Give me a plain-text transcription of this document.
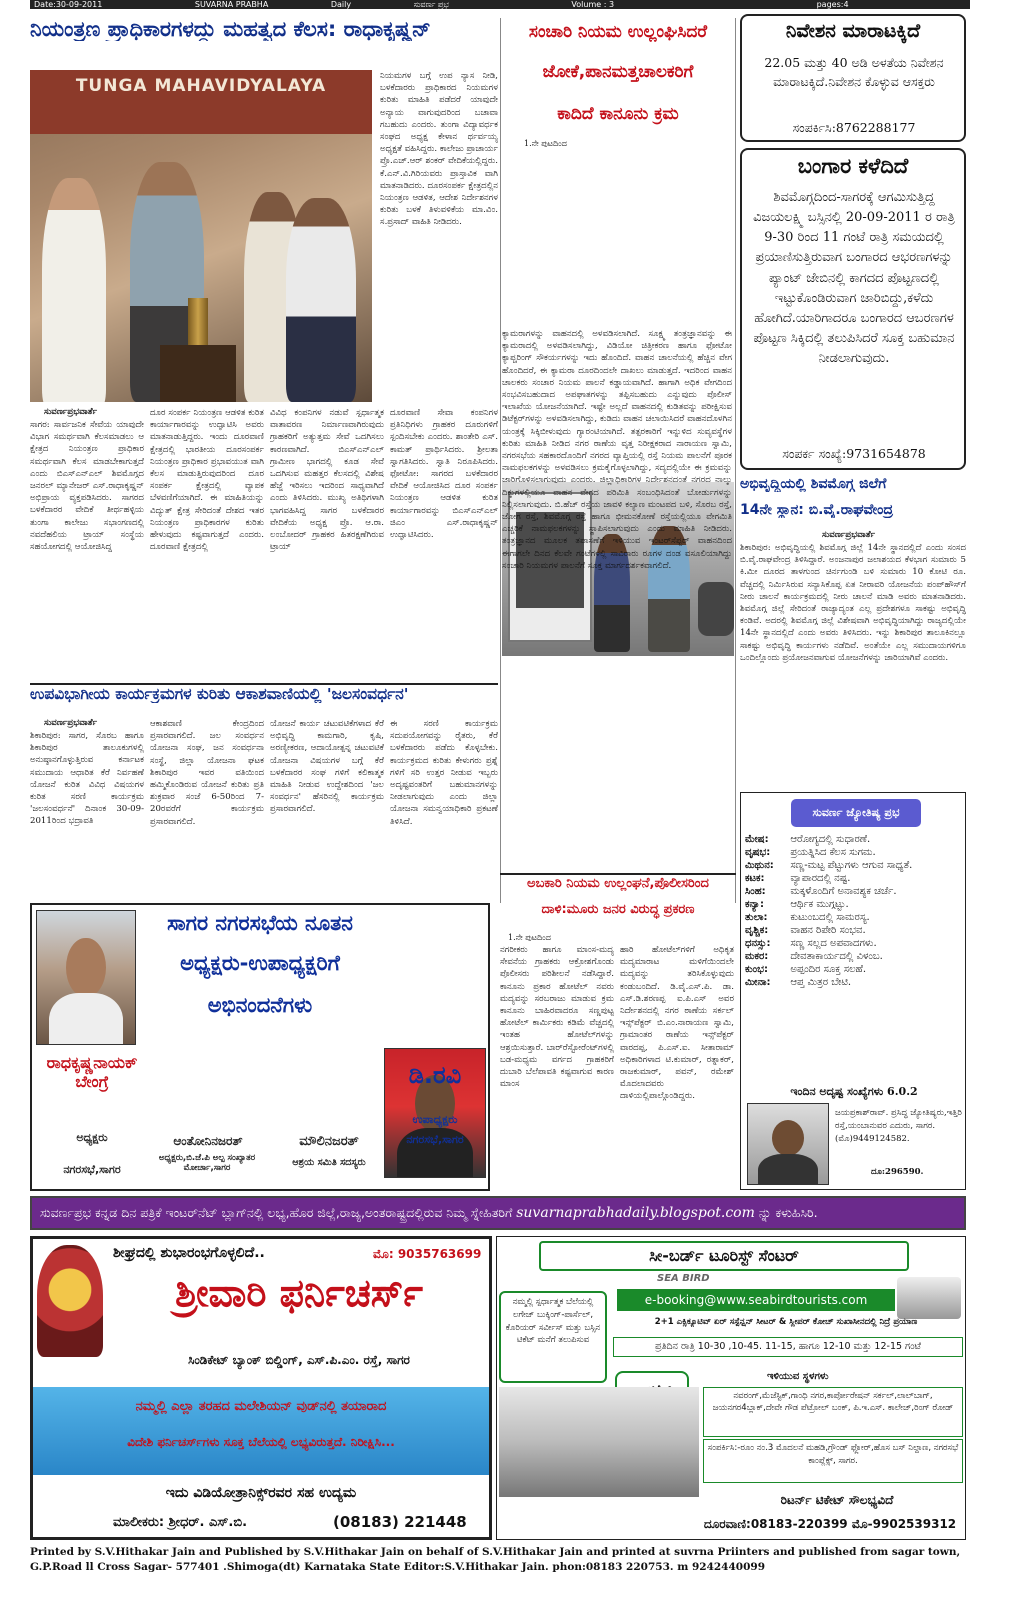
Date:30-09-2011	SUVARNA PRABHA	Daily	ಸುವರ್ಣ ಪ್ರಭ	Volume : 3	pages:4
ನಿಯಂತ್ರಣ ಪ್ರಾಧಿಕಾರಗಳದ್ದು ಮಹತ್ವದ ಕೆಲಸ: ರಾಧಾಕೃಷ್ಣನ್
TUNGA MAHAVIDYALAYA	ನಿಯಮಗಳ ಬಗ್ಗೆ ಉಪ ನ್ಯಾಸ ನೀಡಿ, ಬಳಕೆದಾರರು ಪ್ರಾಧಿಕಾರದ ನಿಯಮಗಳ ಕುರಿತು ಮಾಹಿತಿ ಪಡೆದರೆ ಯಾವುದೇ ಅನ್ಯಾಯ ವಾಗುವುದರಿಂದ ಬಚಾವಾ ಗಬಹುದು ಎಂದರು. ತುಂಗಾ ವಿದ್ಯಾವರ್ಧಕ ಸಂಘದ ಅಧ್ಯಕ್ಷ ಕೇಳಾನ ರ್ಥರ್ವಯ್ಯ ಅಧ್ಯಕ್ಷತೆ ವಹಿಸಿದ್ದರು. ಕಾಲೇಜು ಪ್ರಾಚಾರ್ಯ ಪ್ರೊ.ಎಚ್.ಆರ್ ಶಂಕರ್ ವೇದಿಕೆಯಲ್ಲಿದ್ದರು. ಕೆ.ಎನ್.ವಿ.ಗಿರಿಯವರು ಪ್ರಾಸ್ತಾವಿಕ ವಾಗಿ ಮಾತನಾಡಿದರು. ದೂರಸಂಪರ್ಕ ಕ್ಷೇತ್ರದಲ್ಲಿನ ನಿಯಂತ್ರಣ ಆಡಳಿತ, ಆದೇಶ ನಿರ್ದೇಶನಗಳ ಕುರಿತು ಬಳಕೆ ತಿಳುವಳಿಕೆಯ ಮಾ.ವಿಂ. ಸ.ಪ್ರಸಾದ್ ವಾಹಿತಿ ನೀಡಿದರು.
ಸುವರ್ಣಪ್ರಭವಾರ್ತೆ
ಸಾಗರ: ಸಾರ್ವಜನಿಕ ಸೇವೆಯ ಯಾವುದೇ ವಿಭಾಗ ಸಮರ್ಥವಾಗಿ ಕೆಲಸಮಾಡಲು ಆ ಕ್ಷೇತ್ರದ ನಿಯಂತ್ರಣ ಪ್ರಾಧಿಕಾರ ಸಮರ್ಥವಾಗಿ ಕೆಲಸ ಮಾಡಬೇಕಾಗುತ್ತದೆ ಎಂದು ಬಿಎಸ್‌ಎನ್‌ಎಲ್ ಶಿವಮೊಗ್ಗದ ಜನರಲ್ ಮ್ಯಾನೇಜರ್ ಎಸ್.ರಾಧಾಕೃಷ್ಣನ್ ಅಭಿಪ್ರಾಯ ವ್ಯಕ್ತಪಡಿಸಿದರು. ಸಾಗರದ ಬಳಕೆದಾರರ ವೇದಿಕೆ ತೀರ್ಥಹಳ್ಳಿಯ ತುಂಗಾ ಕಾಲೇಜು ಸಭಾಂಗಣದಲ್ಲಿ ನವದೆಹಲಿಯ ಟ್ರಾಯ್ ಸಂಸ್ಥೆಯ ಸಹಯೋಗದಲ್ಲಿ ಆಯೋಜಿಸಿದ್ದ
ದೂರ ಸಂಪರ್ಕ ನಿಯಂತ್ರಣ ಆಡಳಿತ ಕುರಿತ ಕಾರ್ಯಾಗಾರವನ್ನು ಉದ್ಘಾಟಿಸಿ ಅವರು ಮಾತನಾಡುತ್ತಿದ್ದರು. ಇಂದು ದೂರವಾಣಿ ಕ್ಷೇತ್ರದಲ್ಲಿ ಭಾರತೀಯ ದೂರಸಂಪರ್ಕ ನಿಯಂತ್ರಣ ಪ್ರಾಧಿಕಾರ ಪ್ರಭಾವಯುತ ವಾಗಿ ಕೆಲಸ ಮಾಡುತ್ತಿರುವುದರಿಂದ ದೂರ ಸಂಪರ್ಕ ಕ್ಷೇತ್ರದಲ್ಲಿ ವ್ಯಾಪಕ ಬೆಳವಣಿಗೆಯಾಗಿದೆ. ಈ ಮಾಹಿತಿಯನ್ನು ವಿದ್ಯುತ್ ಕ್ಷೇತ್ರ ಸೇರಿದಂತೆ ದೇಶದ ಇತರ ನಿಯಂತ್ರಣ ಪ್ರಾಧಿಕಾರಗಳ ಕುರಿತು ಹೇಳುವುದು ಕಷ್ಟವಾಗುತ್ತದೆ ಎಂದರು. ದೂರವಾಣಿ ಕ್ಷೇತ್ರದಲ್ಲಿ
ವಿವಿಧ ಕಂಪನಿಗಳ ನಡುವೆ ಸ್ಪರ್ಧಾತ್ಮಕ ವಾತಾವರಣ ನಿರ್ಮಾಣವಾಗಿರುವುದು ಗ್ರಾಹಕರಿಗೆ ಅತ್ಯುತ್ತಮ ಸೇವೆ ಒದಗಿಸಲು ಕಾರಣವಾಗಿದೆ. ಬಿಎಸ್‌ಎನ್‌ಎಲ್ ಗ್ರಾಮೀಣ ಭಾಗದಲ್ಲಿ ಕೂಡ ಸೇವೆ ಒದಗಿಸುವ ಮಹತ್ತರ ಕೆಲಸದಲ್ಲಿ ವಿಶೇಷ ಹೆಜ್ಜೆ ಇರಿಸಲು ಇದರಿಂದ ಸಾಧ್ಯವಾಗಿದೆ ಎಂದು ತಿಳಿಸಿದರು. ಮುಖ್ಯ ಅತಿಥಿಗಳಾಗಿ ಭಾಗವಹಿಸಿದ್ದ ಸಾಗರ ಬಳಕೆದಾರರ ವೇದಿಕೆಯ ಅಧ್ಯಕ್ಷ ಪ್ರೊ. ಆ.ರಾ. ಲಂಬೋದರ್ ಗ್ರಾಹಕರ ಹಿತರಕ್ಷಣೆಗಿರುವ ಟ್ರಾಯ್
ದೂರವಾಣಿ ಸೇವಾ ಕಂಪನಿಗಳ ಪ್ರತಿನಿಧಿಗಳು ಗ್ರಾಹಕರ ದೂರುಗಳಿಗೆ ಸ್ಪಂದಿಸಬೇಕು ಎಂದರು. ಶಾಂತೇರಿ ಎಸ್. ಕಾಮತ್ ಪ್ರಾರ್ಥಿಸಿದರು. ಶ್ರೀಲತಾ ಸ್ವಾಗತಿಸಿದರು. ಸ್ವಾತಿ ನಿರೂಪಿಸಿದರು. ಫೋಟೋ: ಸಾಗರದ ಬಳಕೆದಾರರ ವೇದಿಕೆ ಆಯೋಜಿಸಿದ ದೂರ ಸಂಪರ್ಕ ನಿಯಂತ್ರಣ ಆಡಳಿತ ಕುರಿತ ಕಾರ್ಯಾಗಾರವನ್ನು ಬಿಎಸ್‌ಎನ್‌ಎಲ್ ಜಿಎಂ ಎಸ್.ರಾಧಾಕೃಷ್ಣನ್ ಉದ್ಘಾಟಿಸಿದರು.
ಉಪವಿಭಾಗೀಯ ಕಾರ್ಯಕ್ರಮಗಳ ಕುರಿತು ಆಕಾಶವಾಣಿಯಲ್ಲಿ 'ಜಲಸಂವರ್ಧನ'
ಸುವರ್ಣಪ್ರಭವಾರ್ತೆ
ಶಿಕಾರಿಪುರ: ಸಾಗರ, ಸೊರಬ ಹಾಗೂ ಶಿಕಾರಿಪುರ ತಾಲೂಕುಗಳಲ್ಲಿ ಅನುಷ್ಠಾನಗೊಳ್ಳುತ್ತಿರುವ ಕರ್ನಾಟಕ ಸಮುದಾಯ ಆಧಾರಿತ ಕೆರೆ ನಿರ್ವಹಣೆ ಯೋಜನೆ ಕುರಿತ ವಿವಿಧ ವಿಷಯಗಳ ಕುರಿತ ಸರಣಿ ಕಾರ್ಯಕ್ರಮ 'ಜಲಸಂವರ್ಧನೆ' ದಿನಾಂಕ 30-09-2011ರಿಂದ ಭದ್ರಾವತಿ
ಆಕಾಶವಾಣಿ ಕೇಂದ್ರದಿಂದ ಪ್ರಸಾರವಾಗಲಿದೆ. ಜಲ ಸಂವರ್ಧನ ಯೋಜನಾ ಸಂಘ, ಜನ ಸಂವರ್ಧನಾ ಸಂಸ್ಥೆ, ಜಿಲ್ಲಾ ಯೋಜನಾ ಘಟಕ ಶಿಕಾರಿಪುರ ಇವರ ವತಿಯಿಂದ ಹಮ್ಮಿಕೊಂಡಿರುವ ಯೋಜನೆ ಕುರಿತು ಪ್ರತಿ ಶುಕ್ರವಾರ ಸಂಜೆ 6-50ರಿಂದ 7-20ರವರೆಗೆ ಕಾರ್ಯಕ್ರಮ ಪ್ರಸಾರವಾಗಲಿದೆ.
ಯೋಜನೆ ಕಾರ್ಯ ಚಟುವಟಿಕೆಗಳಾದ ಕೆರೆ ಅಭಿವೃದ್ಧಿ ಕಾಮಗಾರಿ, ಕೃಷಿ, ಅರಣ್ಯೀಕರಣ, ಆದಾಯೋತ್ಪನ್ನ ಚಟುವಟಿಕೆ ಯೋಜನಾ ವಿಷಯಗಳ ಬಗ್ಗೆ ಕೆರೆ ಬಳಕೆದಾರರ ಸಂಘ ಗಳಿಗೆ ಕಲಿಕಾತ್ಮಕ ಮಾಹಿತಿ ನೀಡುವ ಉದ್ದೇಶದಿಂದ 'ಜಲ ಸಂವರ್ಧನ' ಹೆಸರಿನಲ್ಲಿ ಕಾರ್ಯಕ್ರಮ ಪ್ರಸಾರವಾಗಲಿದೆ.
ಈ ಸರಣಿ ಕಾರ್ಯಕ್ರಮ ಸದುಪಯೋಗವನ್ನು ರೈತರು, ಕೆರೆ ಬಳಕೆದಾರರು ಪಡೆದು ಕೊಳ್ಳಬೇಕು. ಕಾರ್ಯಕ್ರಮದ ಕುರಿತು ಕೇಳುಗರು ಪ್ರಶ್ನೆ ಗಳಿಗೆ ಸರಿ ಉತ್ತರ ನೀಡುವ ಇಬ್ಬರು ಅದೃಷ್ಟವಂತರಿಗೆ ಬಹುಮಾನಗಳನ್ನು ನೀಡಲಾಗುವುದು ಎಂದು ಜಿಲ್ಲಾ ಯೋಜನಾ ಸಮನ್ವಯಾಧಿಕಾರಿ ಪ್ರಕಟಣೆ ತಿಳಿಸಿದೆ.
ಸಾಗರ ನಗರಸಭೆಯ ನೂತನ
ಅಧ್ಯಕ್ಷರು-ಉಪಾಧ್ಯಕ್ಷರಿಗೆ
ಅಭಿನಂದನೆಗಳು
ರಾಧಕೃಷ್ಣನಾಯಕ್ ಬೇಂಗ್ರೆ
ಅಧ್ಯಕ್ಷರು
ನಗರಸಭೆ,ಸಾಗರ
ಆಂತೋನಿನಜರತ್
ಅಧ್ಯಕ್ಷರು,ಬಿ.ಜೆ.ಪಿ ಅಲ್ಪ ಸಂಖ್ಯಾತರ ಮೋರ್ಚಾ,ಸಾಗರ
ಮೌಲಿನಜರತ್
ಆಶ್ರಯ ಸಮಿತಿ ಸದಸ್ಯರು
ಡಿ.ರವಿ
ಉಪಾಧ್ಯಕ್ಷರು
ನಗರಸಭೆ,ಸಾಗರ
ಸಂಚಾರಿ ನಿಯಮ ಉಲ್ಲಂಘಿಸಿದರೆ
ಜೋಕೆ,ಪಾನಮತ್ತಚಾಲಕರಿಗೆ
ಕಾದಿದೆ ಕಾನೂನು ಕ್ರಮ
1.ನೇ ಪುಟದಿಂದ
ಕ್ಯಾಮರಾಗಳನ್ನು ವಾಹನದಲ್ಲಿ ಅಳವಡಿಸಲಾಗಿದೆ. ಸೂಕ್ಷ್ಮ ತಂತ್ರಜ್ಞಾನವನ್ನು ಈ ಕ್ಯಾಮರಾದಲ್ಲಿ ಅಳವಡಿಸಲಾಗಿದ್ದು, ವಿಡಿಯೋ ಚಿತ್ರೀಕರಣ ಹಾಗೂ ಫೋಟೋ ಕ್ಯಾಪ್ಚರಿಂಗ್ ಸೌಕರ್ಯಗಳನ್ನು ಇದು ಹೊಂದಿದೆ. ವಾಹನ ಚಾಲನೆಯಲ್ಲಿ ಹೆಚ್ಚಿನ ವೇಗ ಹೊಂದಿದರೆ, ಈ ಕ್ಯಾಮರಾ ದೂರದಿಂದಲೇ ದಾಖಲು ಮಾಡುತ್ತದೆ. ಇದರಿಂದ ವಾಹನ ಚಾಲಕರು ಸಂಚಾರ ನಿಯಮ ಪಾಲನೆ ಕಡ್ಡಾಯವಾಗಿದೆ. ಹಾಗಾಗಿ ಅಧಿಕ ವೇಗದಿಂದ ಸಂಭವಿಸಬಹುದಾದ ಅಪಘಾತಗಳನ್ನು ತಪ್ಪಿಸಬಹುದು ಎನ್ನುವುದು ಪೊಲೀಸ್ ಇಲಾಖೆಯ ಯೋಜನೆಯಾಗಿದೆ. ಇಷ್ಟೇ ಅಲ್ಲದೆ ವಾಹನದಲ್ಲಿ ಕುಡಿತವನ್ನು ಪರೀಕ್ಷಿಸುವ ಡಿಟೆಕ್ಟರ್‌ಗಳನ್ನು ಅಳವಡಿಸಲಾಗಿದ್ದು, ಕುಡಿದು ವಾಹನ ಚಲಾಯಿಸಿದರೆ ವಾಹನದೊಳಗಿನ ಯಂತ್ರಕ್ಕೆ ಸಿಕ್ಕಿಬೀಳುವುದು ಗ್ಯಾರಂಟಿಯಾಗಿದೆ. ತತ್ಪರಕಾರಿಗೆ ಇನ್ನುಳಿದ ಸುವ್ಯವಸ್ಥೆಗಳ ಕುರಿತು ಮಾಹಿತಿ ನೀಡಿದ ನಗರ ಠಾಣೆಯ ವೃತ್ತ ನಿರೀಕ್ಷಕರಾದ ನಾರಾಯಣ ಸ್ವಾಮಿ, ನಗರಸಭೆಯ ಸಹಕಾರದೊಂದಿಗೆ ನಗರದ ವ್ಯಾಪ್ತಿಯಲ್ಲಿ ರಸ್ತೆ ನಿಯಮ ಪಾಲನೆಗೆ ಪೂರಕ ನಾಮಫಲಕಗಳನ್ನು ಅಳವಡಿಸಲು ಕ್ರಮಕೈಗೊಳ್ಳಲಾಗಿದ್ದು, ಸದ್ಯದಲ್ಲಿಯೇ ಈ ಕ್ರಮವನ್ನು ಜಾರಿಗೊಳಿಸಲಾಗುವುದು ಎಂದರು. ಜಿಲ್ಲಾಧಿಕಾರಿಗಳ ನಿರ್ದೇಶನದಂತೆ ನಗರದ ನಾಲ್ಕು ದಿಕ್ಕುಗಳಲ್ಲಿಯೂ ವಾಹನ ವೇಗದ ಪರಿಮಿತಿ ಸಂಬಂಧಿಸಿದಂತೆ ಬೋರ್ಡುಗಳನ್ನು ನಿಲ್ಲಿಸಲಾಗುವುದು. ಬಿ.ಹೆಚ್ ರಸ್ತೆಯ ಜಾವಳಿ ಕಲ್ಯಾಣ ಮಂಟಪದ ಬಳಿ, ಸೊರಬ ರಸ್ತೆ, ಜೋಗ ರಸ್ತೆ, ಶಿವಮೊಗ್ಗ ರಸ್ತೆ ಹಾಗೂ ಭೀಮನಕೋಣೆ ರಸ್ತೆಯಲ್ಲಿಯೂ ವೇಗಮಿತಿ ಎಚ್ಚರಿಕೆ ನಾಮಫಲಕಗಳನ್ನು ಸ್ಥಾಪಿಸಲಾಗುವುದು ಎಂದು ಮಾಹಿತಿ ನೀಡಿದರು. ತಂತ್ರಜ್ಞಾನದ ಮೂಲಕ ತಪಾಸಣೆಗೆ ಇಳಿಯುವ ಇಂಟರ್‌ಸೆಪ್ಟರ್ ವಾಹನದಿಂದ ಈಗಾಗಲೇ ದಿನದ ಕೆಲವೇ ಗಂಟೆಗಳಲ್ಲಿ ಸಾವಿರಾರು ರೂಗಳ ದಂಡ ವಸೂಲಿಯಾಗಿದ್ದು ಸಂಚಾರಿ ನಿಯಮಗಳ ಪಾಲನೆಗೆ ಸೂಕ್ತ ಮಾರ್ಗದರ್ಶಕವಾಗಲಿದೆ.
ಅಬಕಾರಿ ನಿಯಮ ಉಲ್ಲಂಘನೆ,ಪೊಲೀಸರಿಂದ
ದಾಳಿ:ಮೂರು ಜನರ ವಿರುದ್ಧ ಪ್ರಕರಣ
1.ನೇ ಪುಟದಿಂದ
ನಗರೀಕರು ಹಾಗೂ ಮಾಂಸ-ಮದ್ಯ ಸೇವನೆಯ ಗ್ರಾಹಕರು ಆಕ್ರೋಶಗೊಂಡು ಪೊಲೀಸರು ಪರಿಶೀಲನೆ ನಡೆಸಿದ್ದಾರೆ. ಕಾನೂನು ಪ್ರಕಾರ ಹೋಟೆಲ್ ನವರು ಮದ್ಯವನ್ನು ಸರಬರಾಜು ಮಾಡುವ ಕ್ರಮ ಕಾನೂನು ಬಾಹಿರವಾದರೂ ಸಣ್ಣಪುಟ್ಟ ಹೋಟೆಲ್ ಕಾರ್ಮಿಕರು ಕಡಿಮೆ ವೆಚ್ಚದಲ್ಲಿ ಇಂತಹ ಹೋಟೆಲ್‌ಗಳನ್ನು ಆಶ್ರಯಿಸುತ್ತಾರೆ. ಬಾರ್‌ರೆಸ್ಟೋರೆಂಟ್‌ಗಳಲ್ಲಿ ಬಡ-ಮಧ್ಯಮ ವರ್ಗದ ಗ್ರಾಹಕರಿಗೆ ದುಬಾರಿ ಬೆಲೆಪಾವತಿ ಕಷ್ಟವಾಗುವ ಕಾರಣ ಮಾಂಸ
ಹಾರಿ ಹೋಟೆಲ್‌ಗಳಿಗೆ ಅಧಿಕೃತ ಮದ್ಯಮಾರಾಟ ಮಳಿಗೆಯಿಂದಲೇ ಮದ್ಯವನ್ನು ತರಿಸಿಕೊಳ್ಳುವುದು ಕಂಡುಬಂದಿದೆ. ಡಿ.ವೈ.ಎಸ್.ಪಿ. ಡಾ. ಎಸ್.ಡಿ.ಶರಣಪ್ಪ ಐ.ಪಿ.ಎಸ್ ಅವರ ನಿರ್ದೇಶನದಲ್ಲಿ ನಗರ ಠಾಣೆಯ ಸರ್ಕಲ್ ಇನ್ಸ್‌ಪೆಕ್ಟರ್ ಬಿ.ಎಂ.ನಾರಾಯಣ ಸ್ವಾಮಿ, ಗ್ರಾಮಾಂತರ ಠಾಣೆಯ ಇನ್ಸ್‌ಪೆಕ್ಟರ್ ವಾರದಪ್ಪ, ಪಿ.ಎಸ್.ಐ. ಸೀತಾರಾಮ್ ಅಧಿಕಾರಿಗಳಾದ ಟಿ.ಕುಮಾರ್, ರತ್ನಾಕರ್, ರಾಜಕುಮಾರ್, ಪವನ್, ರಮೇಶ್ ಮೊದಲಾದವರು ದಾಳಿಯಲ್ಲಿಪಾಲ್ಗೊಂಡಿದ್ದರು.
ನಿವೇಶನ ಮಾರಾಟಕ್ಕಿದೆ
22.05 ಮತ್ತು 40 ಅಡಿ ಅಳತೆಯ ನಿವೇಶನ ಮಾರಾಟಕ್ಕಿದೆ.ನಿವೇಶನ ಕೊಳ್ಳುವ ಆಸಕ್ತರು
ಸಂಪರ್ಕಿಸಿ:8762288177
ಬಂಗಾರ ಕಳೆದಿದೆ
ಶಿವಮೊಗ್ಗದಿಂದ-ಸಾಗರಕ್ಕೆ ಆಗಮಿಸುತ್ತಿದ್ದ ವಿಜಯಲಕ್ಷ್ಮಿ ಬಸ್ಸಿನಲ್ಲಿ 20-09-2011 ರ ರಾತ್ರಿ 9-30 ರಿಂದ 11 ಗಂಟೆ ರಾತ್ರಿ ಸಮಯದಲ್ಲಿ ಪ್ರಯಾಣಿಸುತ್ತಿರುವಾಗ ಬಂಗಾರದ ಆಭರಣಗಳನ್ನು ಪ್ಯಾಂಟ್ ಜೇಬಿನಲ್ಲಿ ಕಾಗದದ ಪೊಟ್ಟಣದಲ್ಲಿ ಇಟ್ಟುಕೊಂಡಿರುವಾಗ ಜಾರಿಬಿದ್ದು,ಕಳೆದು ಹೋಗಿದೆ.ಯಾರಿಗಾದರೂ ಬಂಗಾರದ ಆಬರಣಗಳ ಪೊಟ್ಟಣ ಸಿಕ್ಕಿದಲ್ಲಿ ತಲುಪಿಸಿದರೆ ಸೂಕ್ತ ಬಹುಮಾನ ನೀಡಲಾಗುವುದು.
ಸಂಪರ್ಕ ಸಂಖ್ಯೆ:9731654878
ಅಭಿವೃದ್ಧಿಯಲ್ಲಿ ಶಿವಮೊಗ್ಗ ಜಿಲೆಗೆ
14ನೇ ಸ್ಥಾನ: ಬಿ.ವೈ.ರಾಘವೇಂದ್ರ
ಸುವರ್ಣಪ್ರಭವಾರ್ತೆ
ಶಿಕಾರಿಪುರ: ಅಭಿವೃದ್ಧಿಯಲ್ಲಿ ಶಿವಮೊಗ್ಗ ಜಿಲ್ಲೆ 14ನೇ ಸ್ಥಾನದಲ್ಲಿದೆ ಎಂದು ಸಂಸದ ಬಿ.ವೈ.ರಾಘವೇಂದ್ರ ತಿಳಿಸಿದ್ದಾರೆ. ಅಂಜನಾಪುರ ಜಲಾಶಯದ ಕೆಳಭಾಗ ಸುಮಾರು 5 ಕಿ.ಮೀ ದೂರದ ತಾಳಗುಂದ ಚಿರ್ನಗುಂಡಿ ಬಳಿ ಸುಮಾರು 10 ಕೋಟಿ ರೂ. ವೆಚ್ಚದಲ್ಲಿ ನಿರ್ಮಿಸಿರುವ ಸನ್ಯಾಸಿಕೊಪ್ಪ ಏತ ನೀರಾವರಿ ಯೋಜನೆಯ ಪಂಪ್‌ಹೌಸ್‌ಗೆ ನೀರು ಚಾಲನೆ ಕಾರ್ಯಕ್ರಮದಲ್ಲಿ ನೀರು ಚಾಲನೆ ಮಾಡಿ ಅವರು ಮಾತನಾಡಿದರು. ಶಿವಮೊಗ್ಗ ಜಿಲ್ಲೆ ಸೇರಿದಂತೆ ರಾಜ್ಯಾದ್ಯಂತ ಎಲ್ಲ ಪ್ರದೇಶಗಳೂ ಸಾಕಷ್ಟು ಅಭಿವೃದ್ಧಿ ಕಂಡಿವೆ. ಅದರಲ್ಲಿ ಶಿವಮೊಗ್ಗ ಜಿಲ್ಲೆ ವಿಶೇಷವಾಗಿ ಅಭಿವೃದ್ಧಿಯಾಗಿದ್ದು ರಾಜ್ಯದಲ್ಲಿಯೇ 14ನೇ ಸ್ಥಾನದಲ್ಲಿದೆ ಎಂದು ಅವರು ತಿಳಿಸಿದರು. ಇನ್ನು ಶಿಕಾರಿಪುರ ತಾಲೂಕಿನಲ್ಲೂ ಸಾಕಷ್ಟು ಅಭಿವೃದ್ಧಿ ಕಾರ್ಯಗಳು ನಡೆದಿವೆ. ಅಂತೆಯೇ ಎಲ್ಲ ಸಮುದಾಯಗಳಿಗೂ ಒಂದಿಲ್ಲೊಂದು ಪ್ರಯೋಜನವಾಗುವ ಯೋಜನೆಗಳನ್ನು ಜಾರಿಯಾಗಿವೆ ಎಂದರು.
ಸುವರ್ಣ ಜ್ಯೋತಿಷ್ಯ ಪ್ರಭ
ಮೇಷ:	ಆರೋಗ್ಯದಲ್ಲಿ ಸುಧಾರಣೆ.
ವೃಷಭ:	ಪ್ರಯತ್ನಿಸಿದ ಕೆಲಸ ಸುಗಮ.
ಮಿಥುನ:	ಸಣ್ಣ-ಮಟ್ಟ ಪೆಟ್ಟುಗಳು ಆಗುವ ಸಾಧ್ಯತೆ.
ಕಟಕ:	ವ್ಯಾಪಾರದಲ್ಲಿ ನಷ್ಟ.
ಸಿಂಹ:	ಮಕ್ಕಳೊಂದಿಗೆ ಅನಾವಶ್ಯಕ ಚರ್ಚೆ.
ಕನ್ಯಾ:	ಆರ್ಥಿಕ ಮುಗ್ಗಟ್ಟು.
ತುಲಾ:	ಕುಟುಂಬದಲ್ಲಿ ಸಾಮರಸ್ಯ.
ವೃಶ್ಚಿಕ:	ವಾಹನ ರಿಪೇರಿ ಸಂಭವ.
ಧನಸ್ಸು:	ಸಣ್ಣ ಸಲ್ಲದ ಅಪವಾದಗಳು.
ಮಕರ:	ದೇವತಾಕಾರ್ಯದಲ್ಲಿ ವಿಳಂಬ.
ಕುಂಭ:	ಅಪ್ಪಂದಿರ ಸೂಕ್ತ ಸಲಹೆ.
ಮೀನಾ:	ಆಪ್ತ ಮಿತ್ರರ ಬೇಟಿ.
ಇಂದಿನ ಅದೃಷ್ಟ ಸಂಖ್ಯೆಗಳು 6.0.2
ಜಯಪ್ರಕಾಶ್‌ರಾವ್. ಪ್ರಸಿದ್ಧ ಜ್ಯೋತಿಷ್ಯರು,ಇತ್ತಿರಿ ರಸ್ತೆ,ಯಂಬಾನುವರ ಎದುರು, ಸಾಗರ. (ಮೊ)9449124582.
ದೂ:296590.
ಸುವರ್ಣಪ್ರಭ ಕನ್ನಡ ದಿನ ಪತ್ರಿಕೆ ಇಂಟರ್‌ನೆಟ್ ಬ್ಲಾಗ್‌ನಲ್ಲಿ ಲಭ್ಯ,ಹೊರ ಜಿಲ್ಲೆ,ರಾಜ್ಯ,ಅಂತರಾಷ್ಟ್ರದಲ್ಲಿರುವ ನಿಮ್ಮ ಸ್ನೇಹಿತರಿಗೆ suvarnaprabhadaily.blogspot.com ನ್ನು ಕಳುಹಿಸಿರಿ.
ಶೀಘ್ರದಲ್ಲಿ ಶುಭಾರಂಭಗೊಳ್ಳಲಿದೆ..	ಮೊ: 9035763699
ಶ್ರೀವಾರಿ ಫರ್ನಿಚರ್ಸ್
ಸಿಂಡಿಕೇಟ್ ಬ್ಯಾಂಕ್ ಬಿಲ್ಡಿಂಗ್, ಎಸ್.ಪಿ.ಎಂ. ರಸ್ತೆ, ಸಾಗರ
ನಮ್ಮಲ್ಲಿ ಎಲ್ಲಾ ತರಹದ ಮಲೇಶಿಯನ್ ವುಡ್‌ನಲ್ಲಿ ತಯಾರಾದ
ವಿದೇಶಿ ಫರ್ನಿಚರ್ಸ್‌ಗಳು ಸೂಕ್ತ ಬೆಲೆಯಲ್ಲಿ ಲಭ್ಯವಿರುತ್ತದೆ. ನಿರೀಕ್ಷಿಸಿ...
ಇದು ವಿಡಿಯೋತ್ರಾನಿಕ್ಸ್‌ರವರ ಸಹ ಉದ್ಯಮ
ಮಾಲೀಕರು: ಶ್ರೀಧರ್. ಎಸ್.ಬಿ.	(08183) 221448
ಸೀ-ಬರ್ಡ್ ಟೂರಿಸ್ಟ್ ಸೆಂಟರ್
SEA BIRD
e-booking@www.seabirdtourists.com
ನಮ್ಮಲ್ಲಿ ಸ್ಪರ್ಧಾತ್ಮಕ ಬೆಲೆಯಲ್ಲಿ ಲಗೇಜ್ ಬುಕ್ಕಿಂಗ್-ಪಾರ್ಸೆಲ್, ಕೊರಿಯರ್ ಸರ್ವೀಸ್ ಮತ್ತು ಬಸ್ಸಿನ ಟಿಕೆಟ್ ಮನೆಗೆ ತಲುಪಿಸುವ
2+1 ಎಕ್ಸಿಕ್ಯೂಟಿವ್ ಏರ್ ಸಸ್ಪೆನ್ಷನ್ ಸೀಟರ್ & ಸ್ಲೀಪರ್ ಕೋಚ್ ಸುಖಾಸೀನದಲ್ಲಿ ನಿದ್ರೆ ಪ್ರಯಾಣ
ಪ್ರತಿದಿನ ರಾತ್ರಿ 10-30 ,10-45. 11-15, ಹಾಗೂ 12-10 ಮತ್ತು 12-15 ಗಂಟೆ
ಇಳಿಯುವ ಸ್ಥಳಗಳು
ನವರಂಗ್,ಮೆಜೆಸ್ಟಿಕ್,ಗಾಂಧಿ ನಗರ,ಕಾರ್ಪೋರೇಷನ್ ಸರ್ಕಲ್,ಲಾಲ್‌ಬಾಗ್, ಜಯನಗರ4ಬ್ಲಾಕ್,ದೇವೇ ಗೌಡ ಪೆಟ್ರೋಲ್ ಬಂಕ್, ಪಿ.ಇ.ಎಸ್. ಕಾಲೇಜ್,ರಿಂಗ್ ರೋಡ್
ಸಂಪರ್ಕಿಸಿ:-ರೂಂ ನಂ.3 ಮೊದಲನೆ ಮಹಡಿ,ಗ್ರೌಂಡ್ ಫ್ಲೋರ್,ಹೊಸ ಬಸ್ ನಿಲ್ದಾಣ, ನಗರಸಭೆ ಕಾಂಪ್ಲೆಕ್ಸ್, ಸಾಗರ.
ರಿಟರ್ನ್ ಟಿಕೇಟ್ ಸೌಲಭ್ಯವಿದೆ
ದೂರವಾಣಿ:08183-220399 ಮೊ-9902539312
Printed by S.V.Hithakar Jain and Published by S.V.Hithakar Jain on behalf of S.V.Hithakar Jain and printed at suvrna Priinters and published from sagar town,
G.P.Road ll Cross Sagar- 577401 .Shimoga(dt) Karnataka State Editor:S.V.Hithakar Jain. phon:08183 220753. m 9242440099
